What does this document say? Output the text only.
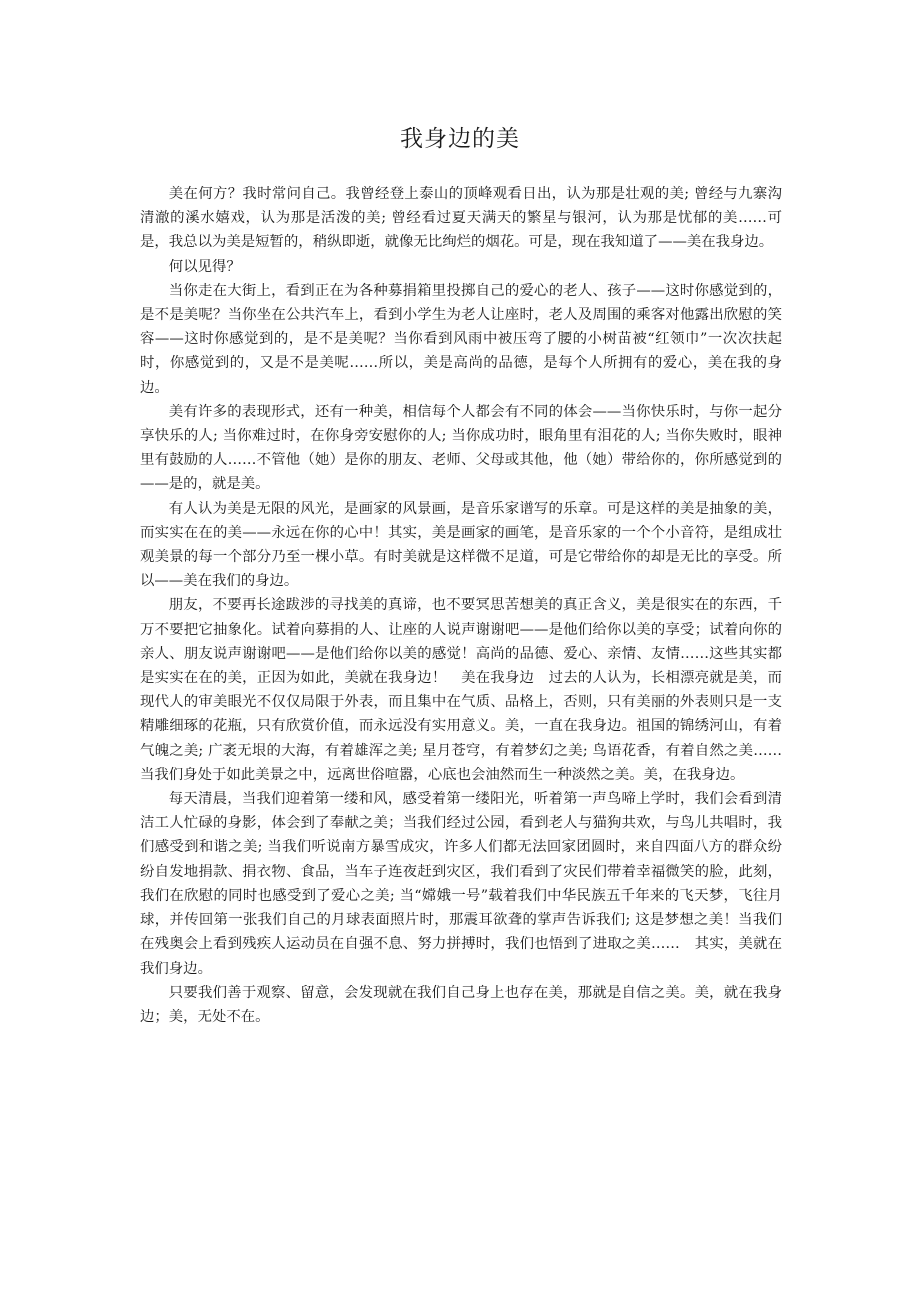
我身边的美

美在何方？我时常问自己。我曾经登上泰山的顶峰观看日出，认为那是壮观的美; 曾经与九寨沟清澈的溪水嬉戏，认为那是活泼的美; 曾经看过夏天满天的繁星与银河，认为那是忧郁的美……可是，我总以为美是短暂的，稍纵即逝，就像无比绚烂的烟花。可是，现在我知道了——美在我身边。

何以见得？

当你走在大街上，看到正在为各种募捐箱里投掷自己的爱心的老人、孩子——这时你感觉到的，是不是美呢？当你坐在公共汽车上，看到小学生为老人让座时，老人及周围的乘客对他露出欣慰的笑容——这时你感觉到的，是不是美呢？当你看到风雨中被压弯了腰的小树苗被“红领巾”一次次扶起时，你感觉到的，又是不是美呢……所以，美是高尚的品德，是每个人所拥有的爱心，美在我的身边。

美有许多的表现形式，还有一种美，相信每个人都会有不同的体会——当你快乐时，与你一起分享快乐的人; 当你难过时，在你身旁安慰你的人; 当你成功时，眼角里有泪花的人; 当你失败时，眼神里有鼓励的人……不管他（她）是你的朋友、老师、父母或其他，他（她）带给你的，你所感觉到的——是的，就是美。

有人认为美是无限的风光，是画家的风景画，是音乐家谱写的乐章。可是这样的美是抽象的美，而实实在在的美——永远在你的心中！其实，美是画家的画笔，是音乐家的一个个小音符，是组成壮观美景的每一个部分乃至一棵小草。有时美就是这样微不足道，可是它带给你的却是无比的享受。所以——美在我们的身边。

朋友，不要再长途跋涉的寻找美的真谛，也不要冥思苦想美的真正含义，美是很实在的东西，千万不要把它抽象化。试着向募捐的人、让座的人说声谢谢吧——是他们给你以美的享受；试着向你的亲人、朋友说声谢谢吧——是他们给你以美的感觉！高尚的品德、爱心、亲情、友情……这些其实都是实实在在的美，正因为如此，美就在我身边！　美在我身边　过去的人认为，长相漂亮就是美，而现代人的审美眼光不仅仅局限于外表，而且集中在气质、品格上，否则，只有美丽的外表则只是一支精雕细琢的花瓶，只有欣赏价值，而永远没有实用意义。美，一直在我身边。祖国的锦绣河山，有着气魄之美; 广袤无垠的大海，有着雄浑之美; 星月苍穹，有着梦幻之美; 鸟语花香，有着自然之美……当我们身处于如此美景之中，远离世俗喧嚣，心底也会油然而生一种淡然之美。美，在我身边。

每天清晨，当我们迎着第一缕和风，感受着第一缕阳光，听着第一声鸟啼上学时，我们会看到清洁工人忙碌的身影，体会到了奉献之美；当我们经过公园，看到老人与猫狗共欢，与鸟儿共唱时，我们感受到和谐之美; 当我们听说南方暴雪成灾，许多人们都无法回家团圆时，来自四面八方的群众纷纷自发地捐款、捐衣物、食品，当车子连夜赶到灾区，我们看到了灾民们带着幸福微笑的脸，此刻，我们在欣慰的同时也感受到了爱心之美; 当“嫦娥一号”载着我们中华民族五千年来的飞天梦，飞往月球，并传回第一张我们自己的月球表面照片时，那震耳欲聋的掌声告诉我们; 这是梦想之美！当我们在残奥会上看到残疾人运动员在自强不息、努力拼搏时，我们也悟到了进取之美……　其实，美就在我们身边。

只要我们善于观察、留意，会发现就在我们自己身上也存在美，那就是自信之美。美，就在我身边；美，无处不在。
